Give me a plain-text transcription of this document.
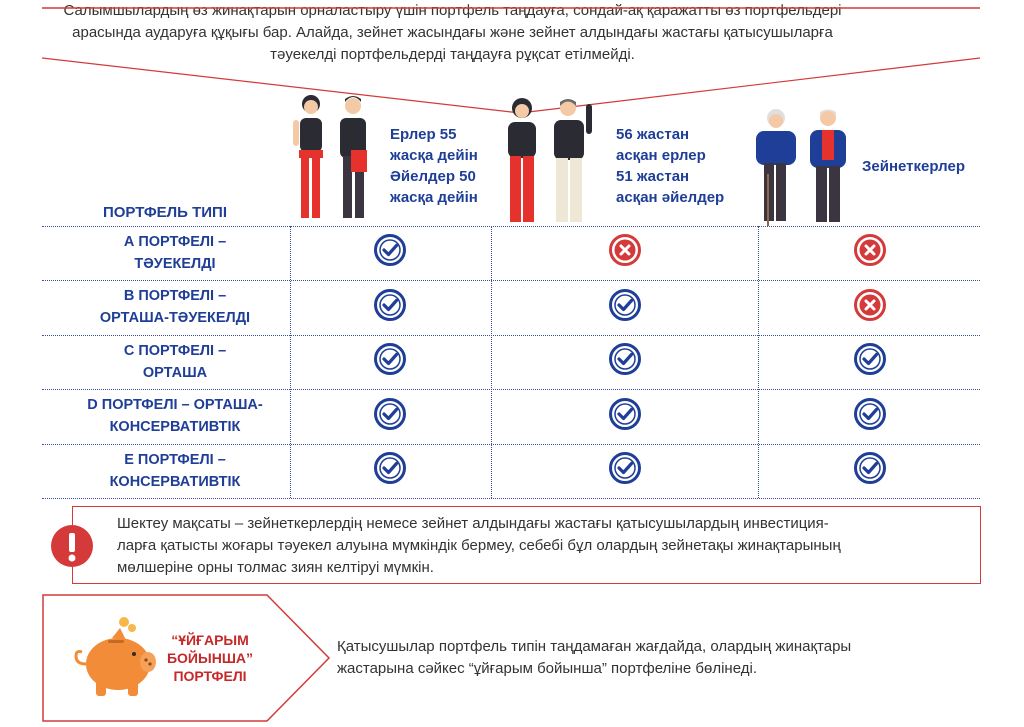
Салымшылардың өз жинақтарын орналастыру үшін портфель таңдауға, сондай-ақ қаражатты өз портфельдері
арасында аударуға құқығы бар. Алайда, зейнет жасындағы және зейнет алдындағы жастағы қатысушыларға
тәуекелді портфельдерді таңдауға рұқсат етілмейді.
Ерлер 55
жасқа дейін
Әйелдер 50
жасқа дейін
56 жастан
асқан ерлер
51 жастан
асқан әйелдер
Зейнеткерлер
ПОРТФЕЛЬ ТИПІ
А ПОРТФЕЛІ –
ТӘУЕКЕЛДІ
В ПОРТФЕЛІ –
ОРТАША-ТӘУЕКЕЛДІ
С ПОРТФЕЛІ –
ОРТАША
D ПОРТФЕЛІ – ОРТАША-
КОНСЕРВАТИВТІК
Е ПОРТФЕЛІ –
КОНСЕРВАТИВТІК
Шектеу мақсаты – зейнеткерлердің немесе зейнет алдындағы жастағы қатысушылардың инвестиция-
ларға қатысты жоғары тәуекел алуына мүмкіндік бермеу, себебі бұл олардың зейнетақы жинақтарының
мөлшеріне орны толмас зиян келтіруі мүмкін.
“ҰЙҒАРЫМ
БОЙЫНША”
ПОРТФЕЛІ
Қатысушылар портфель типін таңдамаған жағдайда, олардың жинақтары
жастарына сәйкес “ұйғарым бойынша” портфеліне бөлінеді.
